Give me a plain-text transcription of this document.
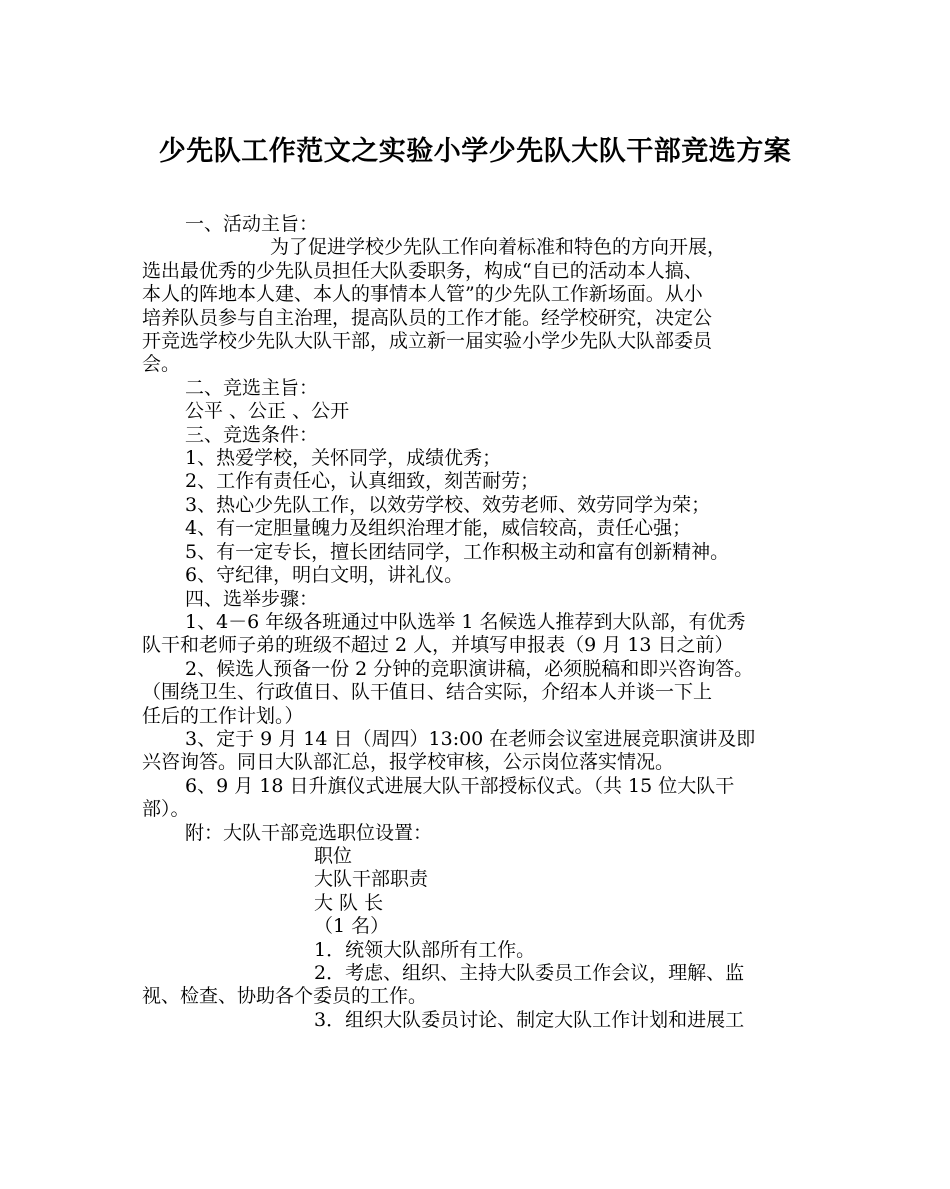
少先队工作范文之实验小学少先队大队干部竞选方案

一、活动主旨：

为了促进学校少先队工作向着标准和特色的方向开展，

选出最优秀的少先队员担任大队委职务，构成“自已的活动本人搞、

本人的阵地本人建、本人的事情本人管”的少先队工作新场面。从小

培养队员参与自主治理，提高队员的工作才能。经学校研究，决定公

开竞选学校少先队大队干部，成立新一届实验小学少先队大队部委员

会。

二、竞选主旨：

公平 、公正 、公开

三、竞选条件：

1、热爱学校，关怀同学，成绩优秀；

2、工作有责任心，认真细致，刻苦耐劳；

3、热心少先队工作，以效劳学校、效劳老师、效劳同学为荣；

4、有一定胆量魄力及组织治理才能，威信较高，责任心强；

5、有一定专长，擅长团结同学，工作积极主动和富有创新精神。

6、守纪律，明白文明，讲礼仪。

四、选举步骤：

1、4－6 年级各班通过中队选举 1 名候选人推荐到大队部，有优秀

队干和老师子弟的班级不超过 2 人，并填写申报表（9 月 13 日之前）

2、候选人预备一份 2 分钟的竞职演讲稿，必须脱稿和即兴咨询答。

（围绕卫生、行政值日、队干值日、结合实际，介绍本人并谈一下上

任后的工作计划。）

3、定于 9 月 14 日（周四）13:00 在老师会议室进展竞职演讲及即

兴咨询答。同日大队部汇总，报学校审核，公示岗位落实情况。

6、9 月 18 日升旗仪式进展大队干部授标仪式。（共 15 位大队干

部）。

附：大队干部竞选职位设置：

职位

大队干部职责

大 队 长

（1 名）

1．统领大队部所有工作。

2．考虑、组织、主持大队委员工作会议，理解、监

视、检查、协助各个委员的工作。

3．组织大队委员讨论、制定大队工作计划和进展工
